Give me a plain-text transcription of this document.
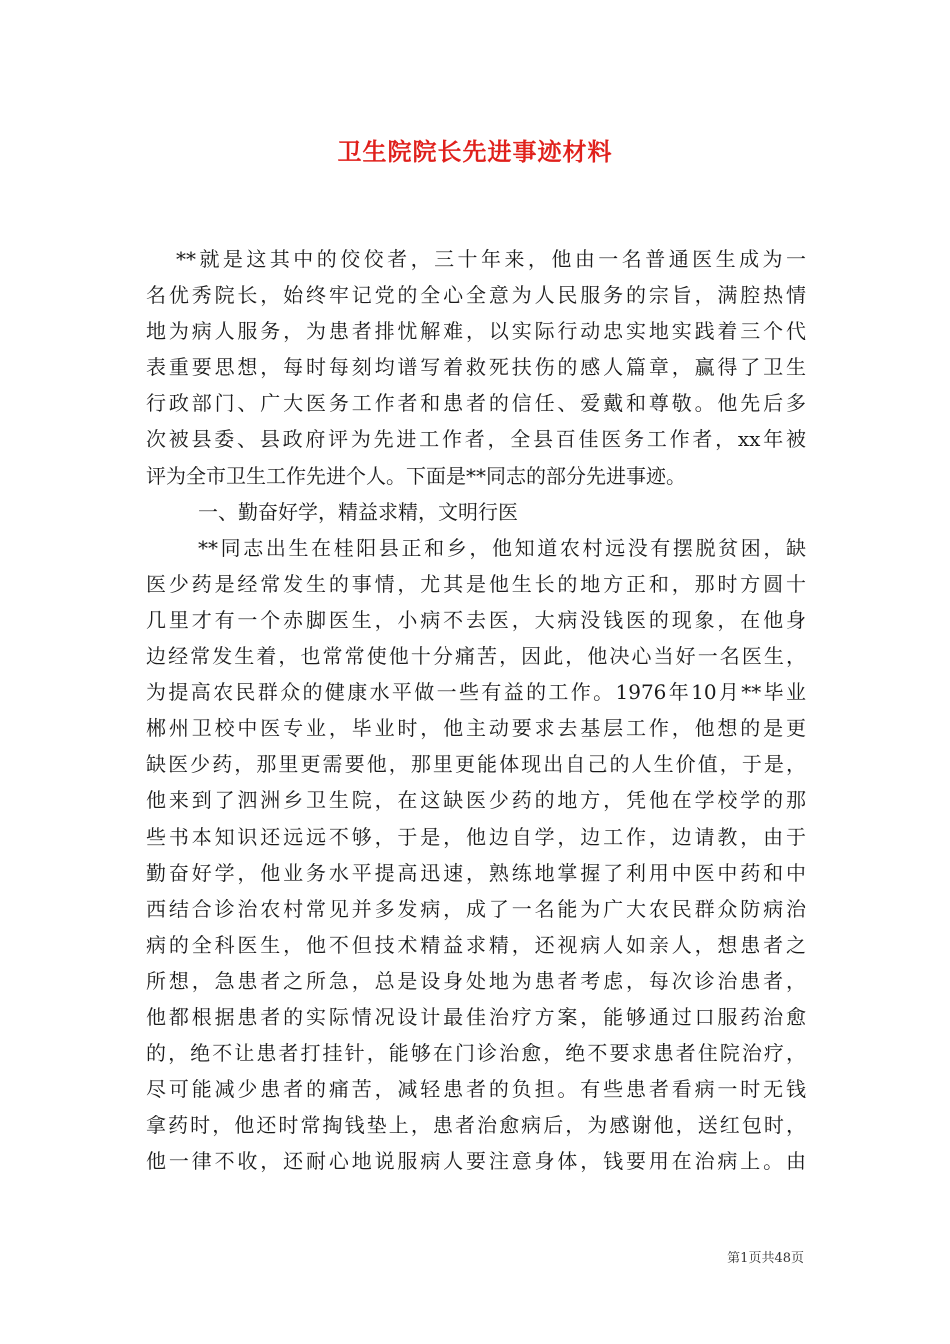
卫生院院长先进事迹材料
**就是这其中的佼佼者，三十年来，他由一名普通医生成为一
名优秀院长，始终牢记党的全心全意为人民服务的宗旨，满腔热情
地为病人服务，为患者排忧解难，以实际行动忠实地实践着三个代
表重要思想，每时每刻均谱写着救死扶伤的感人篇章，赢得了卫生
行政部门、广大医务工作者和患者的信任、爱戴和尊敬。他先后多
次被县委、县政府评为先进工作者，全县百佳医务工作者，xx年被
评为全市卫生工作先进个人。下面是**同志的部分先进事迹。
一、勤奋好学，精益求精，文明行医
**同志出生在桂阳县正和乡，他知道农村远没有摆脱贫困，缺
医少药是经常发生的事情，尤其是他生长的地方正和，那时方圆十
几里才有一个赤脚医生，小病不去医，大病没钱医的现象，在他身
边经常发生着，也常常使他十分痛苦，因此，他决心当好一名医生，
为提高农民群众的健康水平做一些有益的工作。1976年10月**毕业
郴州卫校中医专业，毕业时，他主动要求去基层工作，他想的是更
缺医少药，那里更需要他，那里更能体现出自己的人生价值，于是，
他来到了泗洲乡卫生院，在这缺医少药的地方，凭他在学校学的那
些书本知识还远远不够，于是，他边自学，边工作，边请教，由于
勤奋好学，他业务水平提高迅速，熟练地掌握了利用中医中药和中
西结合诊治农村常见并多发病，成了一名能为广大农民群众防病治
病的全科医生，他不但技术精益求精，还视病人如亲人，想患者之
所想，急患者之所急，总是设身处地为患者考虑，每次诊治患者，
他都根据患者的实际情况设计最佳治疗方案，能够通过口服药治愈
的，绝不让患者打挂针，能够在门诊治愈，绝不要求患者住院治疗，
尽可能减少患者的痛苦，减轻患者的负担。有些患者看病一时无钱
拿药时，他还时常掏钱垫上，患者治愈病后，为感谢他，送红包时，
他一律不收，还耐心地说服病人要注意身体，钱要用在治病上。由
第1页共48页
